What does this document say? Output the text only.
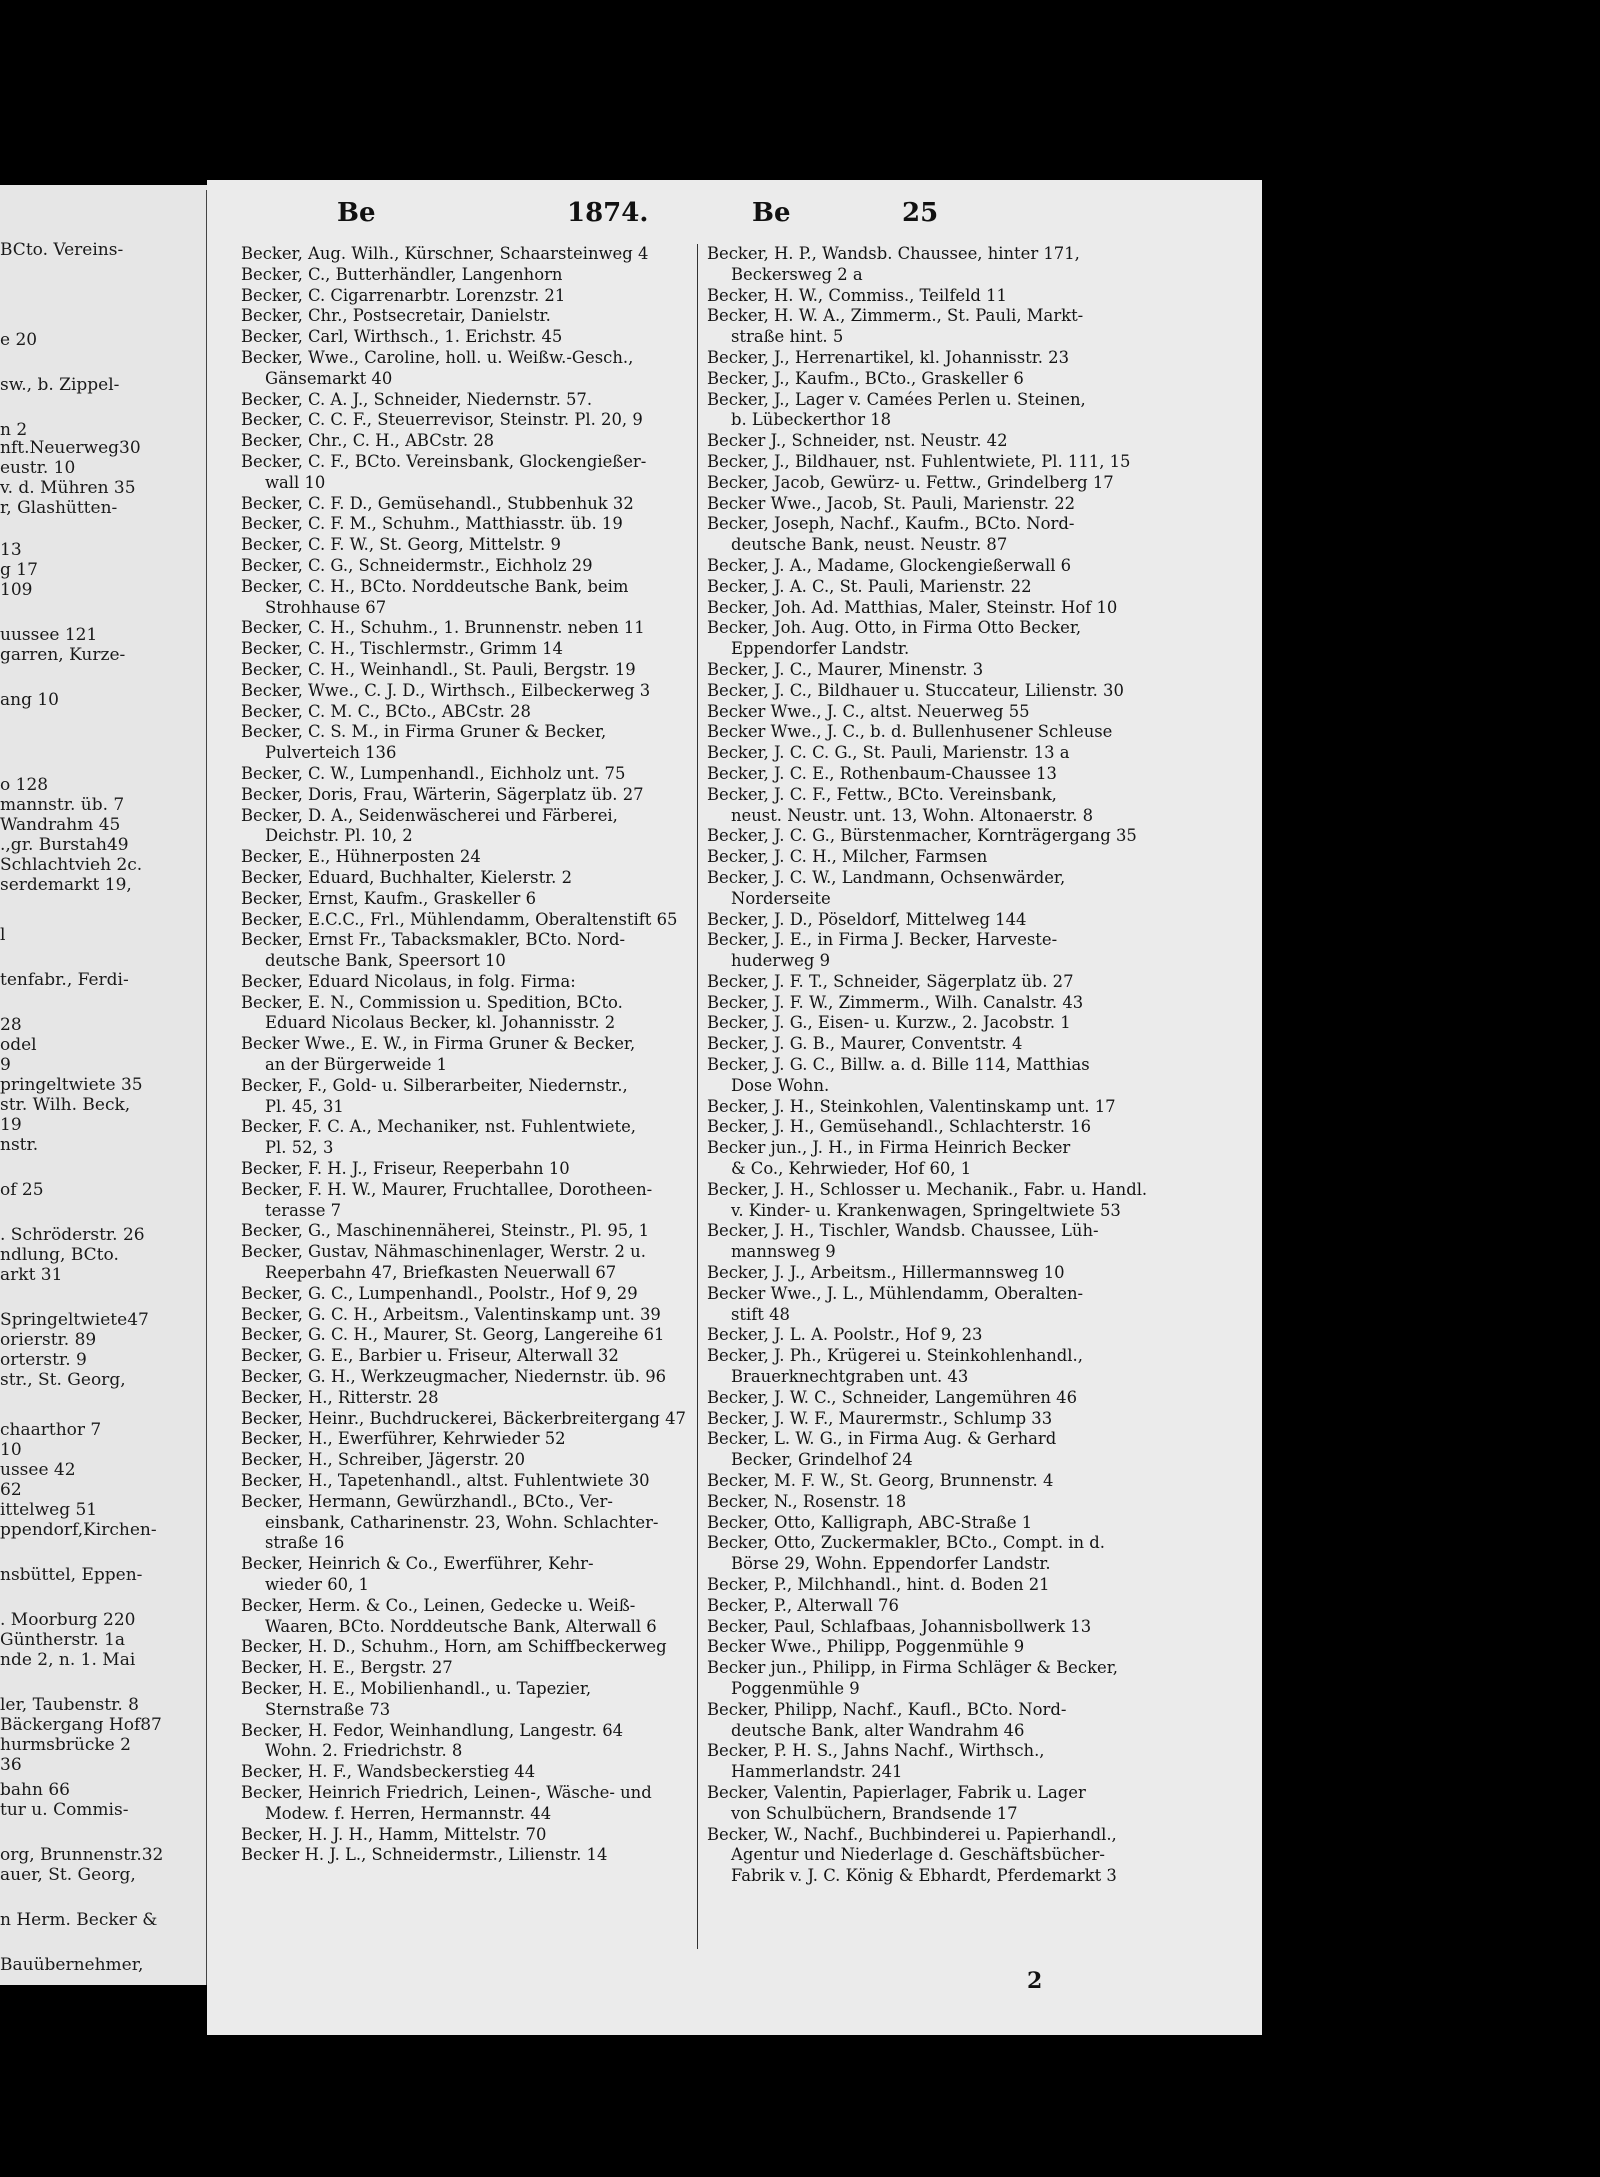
BCto. Vereins-
e 20
sw., b. Zippel-
n 2
nft.Neuerweg30
eustr. 10
v. d. Mühren 35
r, Glashütten-
13
g 17
109
uussee 121
garren, Kurze-
ang 10
o 128
mannstr. üb. 7
Wandrahm 45
.,gr. Burstah49
Schlachtvieh 2c.
serdemarkt 19,
l
tenfabr., Ferdi-
28
odel
9
pringeltwiete 35
str. Wilh. Beck,
19
nstr.
of 25
. Schröderstr. 26
ndlung, BCto.
arkt 31
Springeltwiete47
orierstr. 89
orterstr. 9
str., St. Georg,
chaarthor 7
10
ussee 42
62
ittelweg 51
ppendorf,Kirchen-
nsbüttel, Eppen-
. Moorburg 220
Güntherstr. 1a
nde 2, n. 1. Mai
ler, Taubenstr. 8
Bäckergang Hof87
hurmsbrücke 2
36
bahn 66
tur u. Commis-
org, Brunnenstr.32
auer, St. Georg,
n Herm. Becker &
Bauübernehmer,
Be	1874.	Be	25
Becker, Aug. Wilh., Kürschner, Schaarsteinweg 4
Becker, C., Butterhändler, Langenhorn
Becker, C. Cigarrenarbtr. Lorenzstr. 21
Becker, Chr., Postsecretair, Danielstr.
Becker, Carl, Wirthsch., 1. Erichstr. 45
Becker, Wwe., Caroline, holl. u. Weißw.-Gesch.,
Gänsemarkt 40
Becker, C. A. J., Schneider, Niedernstr. 57.
Becker, C. C. F., Steuerrevisor, Steinstr. Pl. 20, 9
Becker, Chr., C. H., ABCstr. 28
Becker, C. F., BCto. Vereinsbank, Glockengießer-
wall 10
Becker, C. F. D., Gemüsehandl., Stubbenhuk 32
Becker, C. F. M., Schuhm., Matthiasstr. üb. 19
Becker, C. F. W., St. Georg, Mittelstr. 9
Becker, C. G., Schneidermstr., Eichholz 29
Becker, C. H., BCto. Norddeutsche Bank, beim
Strohhause 67
Becker, C. H., Schuhm., 1. Brunnenstr. neben 11
Becker, C. H., Tischlermstr., Grimm 14
Becker, C. H., Weinhandl., St. Pauli, Bergstr. 19
Becker, Wwe., C. J. D., Wirthsch., Eilbeckerweg 3
Becker, C. M. C., BCto., ABCstr. 28
Becker, C. S. M., in Firma Gruner & Becker,
Pulverteich 136
Becker, C. W., Lumpenhandl., Eichholz unt. 75
Becker, Doris, Frau, Wärterin, Sägerplatz üb. 27
Becker, D. A., Seidenwäscherei und Färberei,
Deichstr. Pl. 10, 2
Becker, E., Hühnerposten 24
Becker, Eduard, Buchhalter, Kielerstr. 2
Becker, Ernst, Kaufm., Graskeller 6
Becker, E.C.C., Frl., Mühlendamm, Oberaltenstift 65
Becker, Ernst Fr., Tabacksmakler, BCto. Nord-
deutsche Bank, Speersort 10
Becker, Eduard Nicolaus, in folg. Firma:
Becker, E. N., Commission u. Spedition, BCto.
Eduard Nicolaus Becker, kl. Johannisstr. 2
Becker Wwe., E. W., in Firma Gruner & Becker,
an der Bürgerweide 1
Becker, F., Gold- u. Silberarbeiter, Niedernstr.,
Pl. 45, 31
Becker, F. C. A., Mechaniker, nst. Fuhlentwiete,
Pl. 52, 3
Becker, F. H. J., Friseur, Reeperbahn 10
Becker, F. H. W., Maurer, Fruchtallee, Dorotheen-
terasse 7
Becker, G., Maschinennäherei, Steinstr., Pl. 95, 1
Becker, Gustav, Nähmaschinenlager, Werstr. 2 u.
Reeperbahn 47, Briefkasten Neuerwall 67
Becker, G. C., Lumpenhandl., Poolstr., Hof 9, 29
Becker, G. C. H., Arbeitsm., Valentinskamp unt. 39
Becker, G. C. H., Maurer, St. Georg, Langereihe 61
Becker, G. E., Barbier u. Friseur, Alterwall 32
Becker, G. H., Werkzeugmacher, Niedernstr. üb. 96
Becker, H., Ritterstr. 28
Becker, Heinr., Buchdruckerei, Bäckerbreitergang 47
Becker, H., Ewerführer, Kehrwieder 52
Becker, H., Schreiber, Jägerstr. 20
Becker, H., Tapetenhandl., altst. Fuhlentwiete 30
Becker, Hermann, Gewürzhandl., BCto., Ver-
einsbank, Catharinenstr. 23, Wohn. Schlachter-
straße 16
Becker, Heinrich & Co., Ewerführer, Kehr-
wieder 60, 1
Becker, Herm. & Co., Leinen, Gedecke u. Weiß-
Waaren, BCto. Norddeutsche Bank, Alterwall 6
Becker, H. D., Schuhm., Horn, am Schiffbeckerweg
Becker, H. E., Bergstr. 27
Becker, H. E., Mobilienhandl., u. Tapezier,
Sternstraße 73
Becker, H. Fedor, Weinhandlung, Langestr. 64
Wohn. 2. Friedrichstr. 8
Becker, H. F., Wandsbeckerstieg 44
Becker, Heinrich Friedrich, Leinen-, Wäsche- und
Modew. f. Herren, Hermannstr. 44
Becker, H. J. H., Hamm, Mittelstr. 70
Becker H. J. L., Schneidermstr., Lilienstr. 14
Becker, H. P., Wandsb. Chaussee, hinter 171,
Beckersweg 2 a
Becker, H. W., Commiss., Teilfeld 11
Becker, H. W. A., Zimmerm., St. Pauli, Markt-
straße hint. 5
Becker, J., Herrenartikel, kl. Johannisstr. 23
Becker, J., Kaufm., BCto., Graskeller 6
Becker, J., Lager v. Camées Perlen u. Steinen,
b. Lübeckerthor 18
Becker J., Schneider, nst. Neustr. 42
Becker, J., Bildhauer, nst. Fuhlentwiete, Pl. 111, 15
Becker, Jacob, Gewürz- u. Fettw., Grindelberg 17
Becker Wwe., Jacob, St. Pauli, Marienstr. 22
Becker, Joseph, Nachf., Kaufm., BCto. Nord-
deutsche Bank, neust. Neustr. 87
Becker, J. A., Madame, Glockengießerwall 6
Becker, J. A. C., St. Pauli, Marienstr. 22
Becker, Joh. Ad. Matthias, Maler, Steinstr. Hof 10
Becker, Joh. Aug. Otto, in Firma Otto Becker,
Eppendorfer Landstr.
Becker, J. C., Maurer, Minenstr. 3
Becker, J. C., Bildhauer u. Stuccateur, Lilienstr. 30
Becker Wwe., J. C., altst. Neuerweg 55
Becker Wwe., J. C., b. d. Bullenhusener Schleuse
Becker, J. C. C. G., St. Pauli, Marienstr. 13 a
Becker, J. C. E., Rothenbaum-Chaussee 13
Becker, J. C. F., Fettw., BCto. Vereinsbank,
neust. Neustr. unt. 13, Wohn. Altonaerstr. 8
Becker, J. C. G., Bürstenmacher, Kornträgergang 35
Becker, J. C. H., Milcher, Farmsen
Becker, J. C. W., Landmann, Ochsenwärder,
Norderseite
Becker, J. D., Pöseldorf, Mittelweg 144
Becker, J. E., in Firma J. Becker, Harveste-
huderweg 9
Becker, J. F. T., Schneider, Sägerplatz üb. 27
Becker, J. F. W., Zimmerm., Wilh. Canalstr. 43
Becker, J. G., Eisen- u. Kurzw., 2. Jacobstr. 1
Becker, J. G. B., Maurer, Conventstr. 4
Becker, J. G. C., Billw. a. d. Bille 114, Matthias
Dose Wohn.
Becker, J. H., Steinkohlen, Valentinskamp unt. 17
Becker, J. H., Gemüsehandl., Schlachterstr. 16
Becker jun., J. H., in Firma Heinrich Becker
& Co., Kehrwieder, Hof 60, 1
Becker, J. H., Schlosser u. Mechanik., Fabr. u. Handl.
v. Kinder- u. Krankenwagen, Springeltwiete 53
Becker, J. H., Tischler, Wandsb. Chaussee, Lüh-
mannsweg 9
Becker, J. J., Arbeitsm., Hillermannsweg 10
Becker Wwe., J. L., Mühlendamm, Oberalten-
stift 48
Becker, J. L. A. Poolstr., Hof 9, 23
Becker, J. Ph., Krügerei u. Steinkohlenhandl.,
Brauerknechtgraben unt. 43
Becker, J. W. C., Schneider, Langemühren 46
Becker, J. W. F., Maurermstr., Schlump 33
Becker, L. W. G., in Firma Aug. & Gerhard
Becker, Grindelhof 24
Becker, M. F. W., St. Georg, Brunnenstr. 4
Becker, N., Rosenstr. 18
Becker, Otto, Kalligraph, ABC-Straße 1
Becker, Otto, Zuckermakler, BCto., Compt. in d.
Börse 29, Wohn. Eppendorfer Landstr.
Becker, P., Milchhandl., hint. d. Boden 21
Becker, P., Alterwall 76
Becker, Paul, Schlafbaas, Johannisbollwerk 13
Becker Wwe., Philipp, Poggenmühle 9
Becker jun., Philipp, in Firma Schläger & Becker,
Poggenmühle 9
Becker, Philipp, Nachf., Kaufl., BCto. Nord-
deutsche Bank, alter Wandrahm 46
Becker, P. H. S., Jahns Nachf., Wirthsch.,
Hammerlandstr. 241
Becker, Valentin, Papierlager, Fabrik u. Lager
von Schulbüchern, Brandsende 17
Becker, W., Nachf., Buchbinderei u. Papierhandl.,
Agentur und Niederlage d. Geschäftsbücher-
Fabrik v. J. C. König & Ebhardt, Pferdemarkt 3
2
